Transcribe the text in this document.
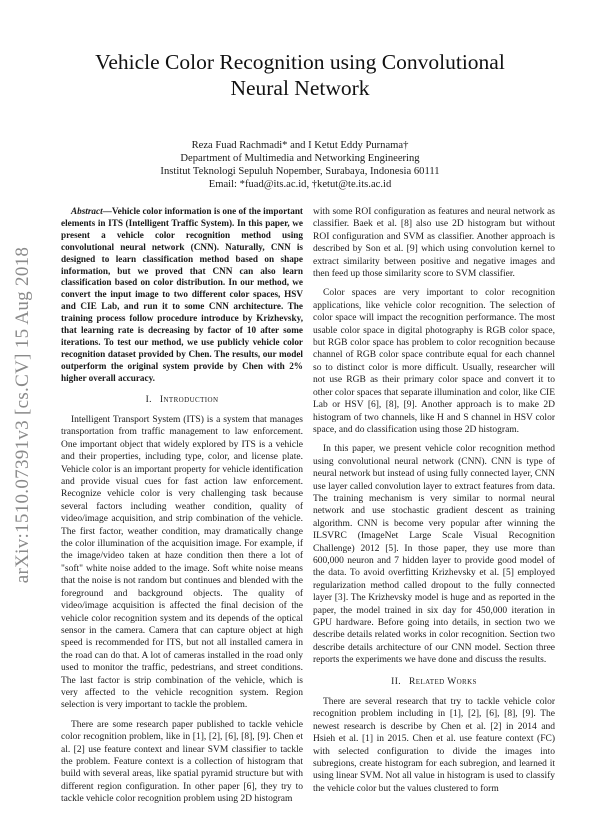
arXiv:1510.07391v3 [cs.CV] 15 Aug 2018
Vehicle Color Recognition using Convolutional Neural Network
Reza Fuad Rachmadi* and I Ketut Eddy Purnama†
Department of Multimedia and Networking Engineering
Institut Teknologi Sepuluh Nopember, Surabaya, Indonesia 60111
Email: *fuad@its.ac.id, †ketut@te.its.ac.id

Abstract—Vehicle color information is one of the important elements in ITS (Intelligent Traffic System). In this paper, we present a vehicle color recognition method using convolutional neural network (CNN). Naturally, CNN is designed to learn classification method based on shape information, but we proved that CNN can also learn classification based on color distribution. In our method, we convert the input image to two different color spaces, HSV and CIE Lab, and run it to some CNN architecture. The training process follow procedure introduce by Krizhevsky, that learning rate is decreasing by factor of 10 after some iterations. To test our method, we use publicly vehicle color recognition dataset provided by Chen. The results, our model outperform the original system provide by Chen with 2% higher overall accuracy.

I. Introduction

Intelligent Transport System (ITS) is a system that manages transportation from traffic management to law enforcement. One important object that widely explored by ITS is a vehicle and their properties, including type, color, and license plate. Vehicle color is an important property for vehicle identification and provide visual cues for fast action law enforcement. Recognize vehicle color is very challenging task because several factors including weather condition, quality of video/image acquisition, and strip combination of the vehicle. The first factor, weather condition, may dramatically change the color illumination of the acquisition image. For example, if the image/video taken at haze condition then there a lot of "soft" white noise added to the image. Soft white noise means that the noise is not random but continues and blended with the foreground and background objects. The quality of video/image acquisition is affected the final decision of the vehicle color recognition system and its depends of the optical sensor in the camera. Camera that can capture object at high speed is recommended for ITS, but not all installed camera in the road can do that. A lot of cameras installed in the road only used to monitor the traffic, pedestrians, and street conditions. The last factor is strip combination of the vehicle, which is very affected to the vehicle recognition system. Region selection is very important to tackle the problem.

There are some research paper published to tackle vehicle color recognition problem, like in [1], [2], [6], [8], [9]. Chen et al. [2] use feature context and linear SVM classifier to tackle the problem. Feature context is a collection of histogram that build with several areas, like spatial pyramid structure but with different region configuration. In other paper [6], they try to tackle vehicle color recognition problem using 2D histogram

with some ROI configuration as features and neural network as classifier. Baek et al. [8] also use 2D histogram but without ROI configuration and SVM as classifier. Another approach is described by Son et al. [9] which using convolution kernel to extract similarity between positive and negative images and then feed up those similarity score to SVM classifier.

Color spaces are very important to color recognition applications, like vehicle color recognition. The selection of color space will impact the recognition performance. The most usable color space in digital photography is RGB color space, but RGB color space has problem to color recognition because channel of RGB color space contribute equal for each channel so to distinct color is more difficult. Usually, researcher will not use RGB as their primary color space and convert it to other color spaces that separate illumination and color, like CIE Lab or HSV [6], [8], [9]. Another approach is to make 2D histogram of two channels, like H and S channel in HSV color space, and do classification using those 2D histogram.

In this paper, we present vehicle color recognition method using convolutional neural network (CNN). CNN is type of neural network but instead of using fully connected layer, CNN use layer called convolution layer to extract features from data. The training mechanism is very similar to normal neural network and use stochastic gradient descent as training algorithm. CNN is become very popular after winning the ILSVRC (ImageNet Large Scale Visual Recognition Challenge) 2012 [5]. In those paper, they use more than 600,000 neuron and 7 hidden layer to provide good model of the data. To avoid overfitting Krizhevsky et al. [5] employed regularization method called dropout to the fully connected layer [3]. The Krizhevsky model is huge and as reported in the paper, the model trained in six day for 450,000 iteration in GPU hardware. Before going into details, in section two we describe details related works in color recognition. Section two describe details architecture of our CNN model. Section three reports the experiments we have done and discuss the results.

II. Related Works

There are several research that try to tackle vehicle color recognition problem including in [1], [2], [6], [8], [9]. The newest research is describe by Chen et al. [2] in 2014 and Hsieh et al. [1] in 2015. Chen et al. use feature context (FC) with selected configuration to divide the images into subregions, create histogram for each subregion, and learned it using linear SVM. Not all value in histogram is used to classify the vehicle color but the values clustered to form
